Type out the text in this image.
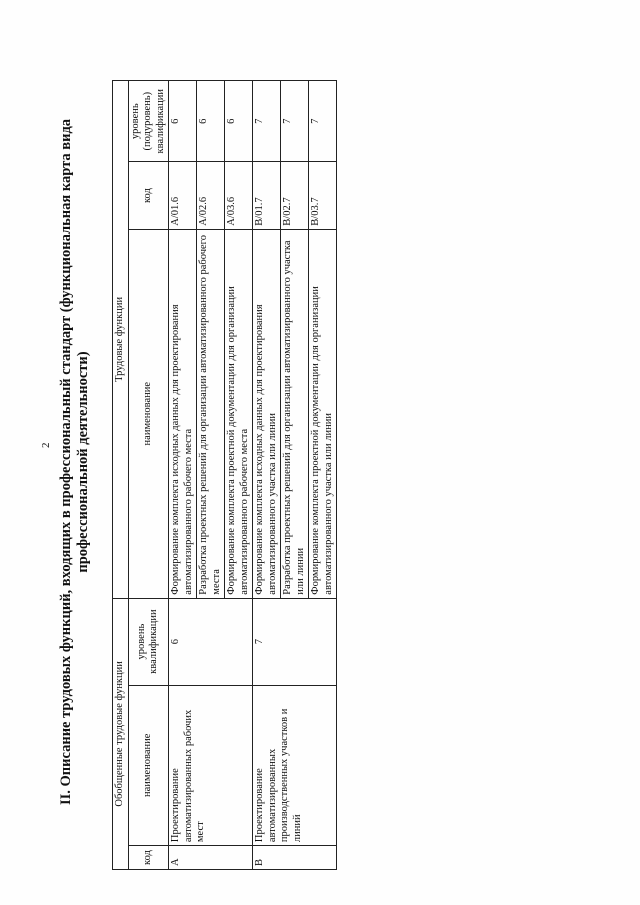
2 II. Описание трудовых функций, входящих в профессиональный стандарт (функциональная карта вида профессиональной деятельности)
Обобщенные трудовые функции			Трудовые функции		
код	наименование	уровень квалификации	наименование	код	уровень (подуровень) квалификации
A	Проектирование автоматизированных рабочих мест	6	Формирование комплекта исходных данных для проектирования автоматизированного рабочего места	A/01.6	6
			Разработка проектных решений для организации автоматизированного рабочего места	A/02.6	6
			Формирование комплекта проектной документации для организации автоматизированного рабочего места	A/03.6	6
B	Проектирование автоматизированных производственных участков и линий	7	Формирование комплекта исходных данных для проектирования автоматизированного участка или линии	B/01.7	7
			Разработка проектных решений для организации автоматизированного участка или линии	B/02.7	7
			Формирование комплекта проектной документации для организации автоматизированного участка или линии	B/03.7	7
